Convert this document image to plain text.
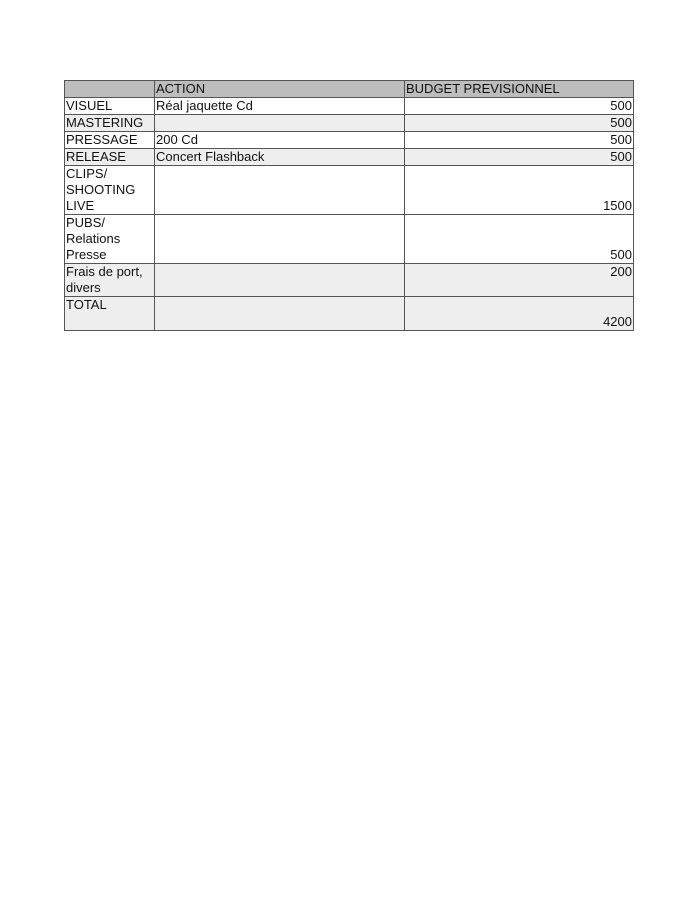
	ACTION	BUDGET PREVISIONNEL
VISUEL	Réal jaquette Cd	500
MASTERING		500
PRESSAGE	200 Cd	500
RELEASE	Concert Flashback	500
CLIPS/ SHOOTING LIVE		1500
PUBS/ Relations Presse		500
Frais de port, divers		200
TOTAL		4200
